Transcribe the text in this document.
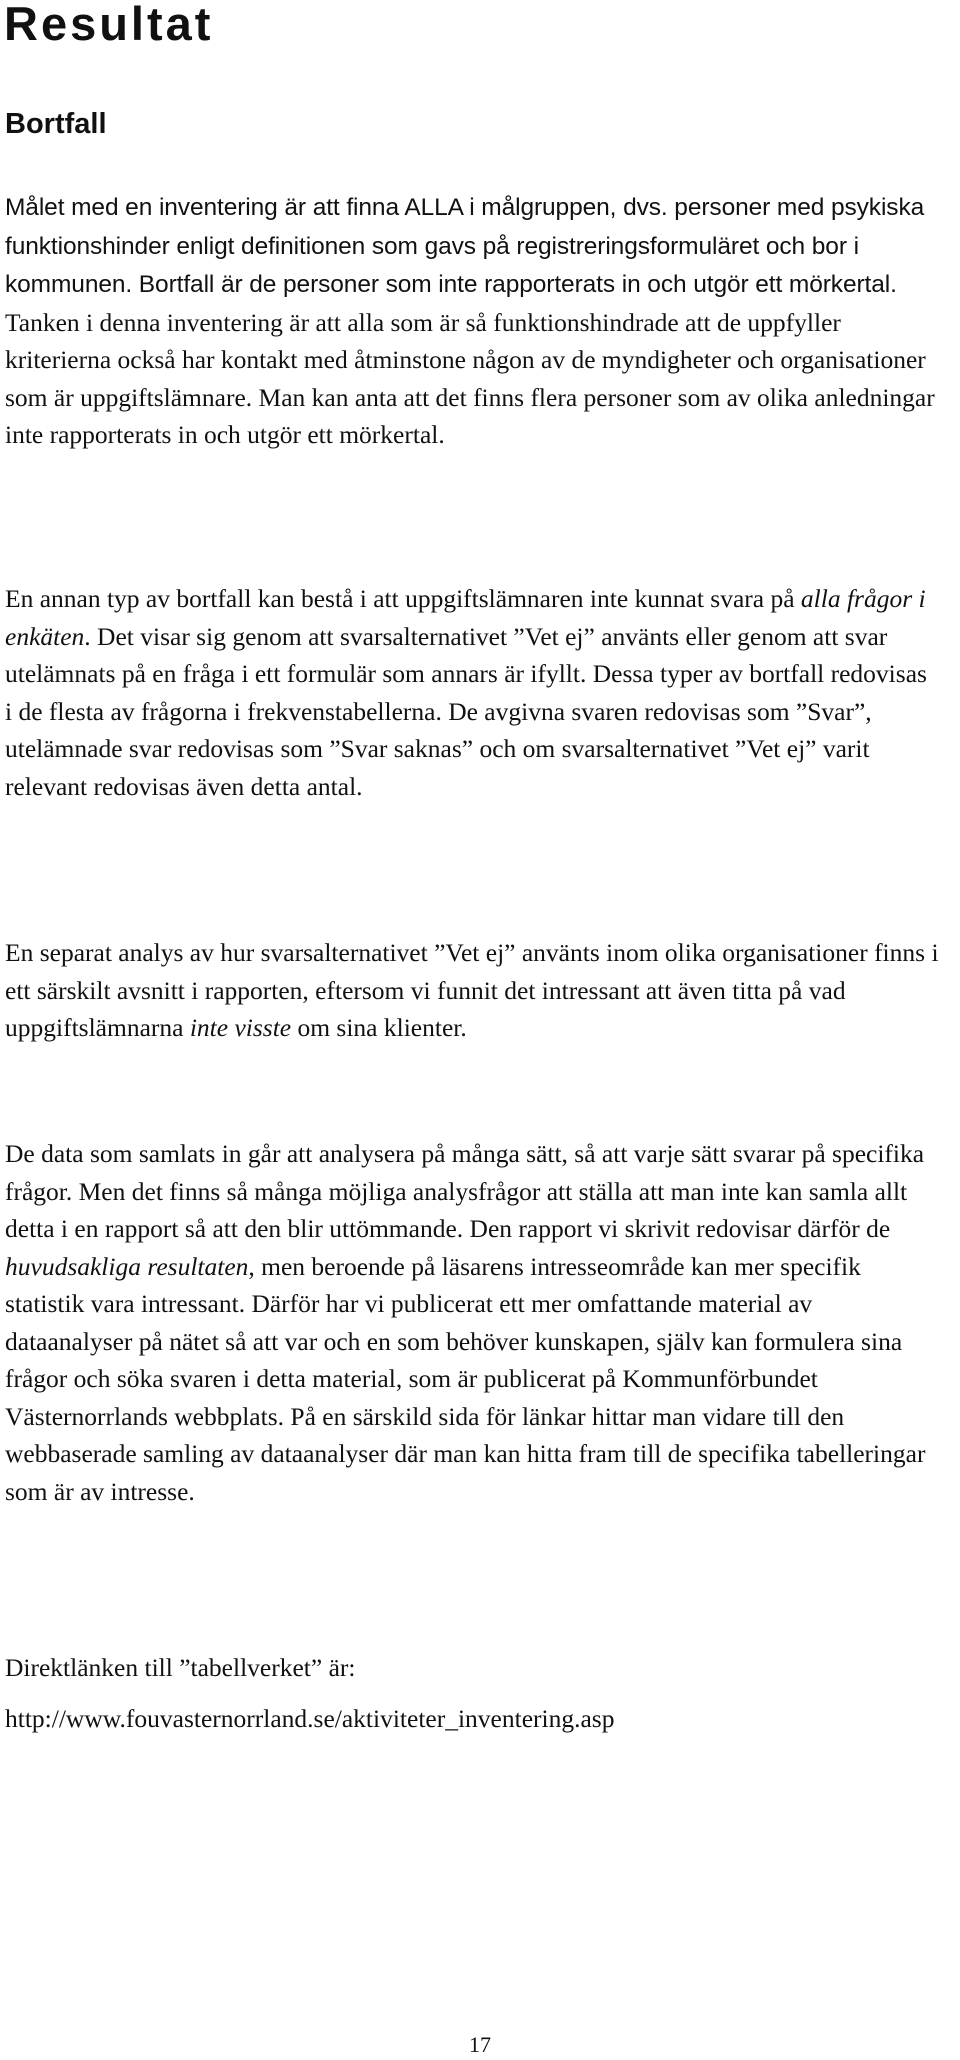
Resultat
Bortfall

Målet med en inventering är att finna ALLA i målgruppen, dvs. personer med psykiska funktionshinder enligt definitionen som gavs på registreringsformuläret och bor i kommunen. Bortfall är de personer som inte rapporterats in och utgör ett mörkertal. Tanken i denna inventering är att alla som är så funktionshindrade att de uppfyller kriterierna också har kontakt med åtminstone någon av de myndigheter och organisationer som är uppgiftslämnare. Man kan anta att det finns flera personer som av olika anledningar inte rapporterats in och utgör ett mörkertal.

En annan typ av bortfall kan bestå i att uppgiftslämnaren inte kunnat svara på alla frågor i enkäten. Det visar sig genom att svarsalternativet ”Vet ej” använts eller genom att svar utelämnats på en fråga i ett formulär som annars är ifyllt. Dessa typer av bortfall redovisas i de flesta av frågorna i frekvenstabellerna. De avgivna svaren redovisas som ”Svar”, utelämnade svar redovisas som ”Svar saknas” och om svarsalternativet ”Vet ej” varit relevant redovisas även detta antal.

En separat analys av hur svarsalternativet ”Vet ej” använts inom olika organisationer finns i ett särskilt avsnitt i rapporten, eftersom vi funnit det intressant att även titta på vad uppgiftslämnarna inte visste om sina klienter.

De data som samlats in går att analysera på många sätt, så att varje sätt svarar på specifika frågor. Men det finns så många möjliga analysfrågor att ställa att man inte kan samla allt detta i en rapport så att den blir uttömmande. Den rapport vi skrivit redovisar därför de huvudsakliga resultaten, men beroende på läsarens intresseområde kan mer specifik statistik vara intressant. Därför har vi publicerat ett mer omfattande material av dataanalyser på nätet så att var och en som behöver kunskapen, själv kan formulera sina frågor och söka svaren i detta material, som är publicerat på Kommunförbundet Västernorrlands webbplats. På en särskild sida för länkar hittar man vidare till den webbaserade samling av dataanalyser där man kan hitta fram till de specifika tabelleringar som är av intresse.

Direktlänken till ”tabellverket” är:

http://www.fouvasternorrland.se/aktiviteter_inventering.asp

17
